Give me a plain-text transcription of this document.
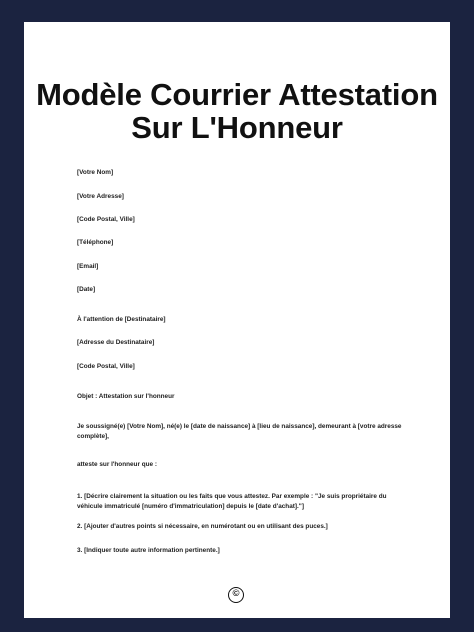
Modèle Courrier Attestation
Sur L'Honneur
[Votre Nom]
[Votre Adresse]
[Code Postal, Ville]
[Téléphone]
[Email]
[Date]
À l'attention de [Destinataire]
[Adresse du Destinataire]
[Code Postal, Ville]
Objet : Attestation sur l'honneur
Je soussigné(e) [Votre Nom], né(e) le [date de naissance] à [lieu de naissance], demeurant à [votre adresse complète],
atteste sur l'honneur que :
1. [Décrire clairement la situation ou les faits que vous attestez. Par exemple : "Je suis propriétaire du véhicule immatriculé [numéro d'immatriculation] depuis le [date d'achat]."]
2. [Ajouter d'autres points si nécessaire, en numérotant ou en utilisant des puces.]
3. [Indiquer toute autre information pertinente.]
©
